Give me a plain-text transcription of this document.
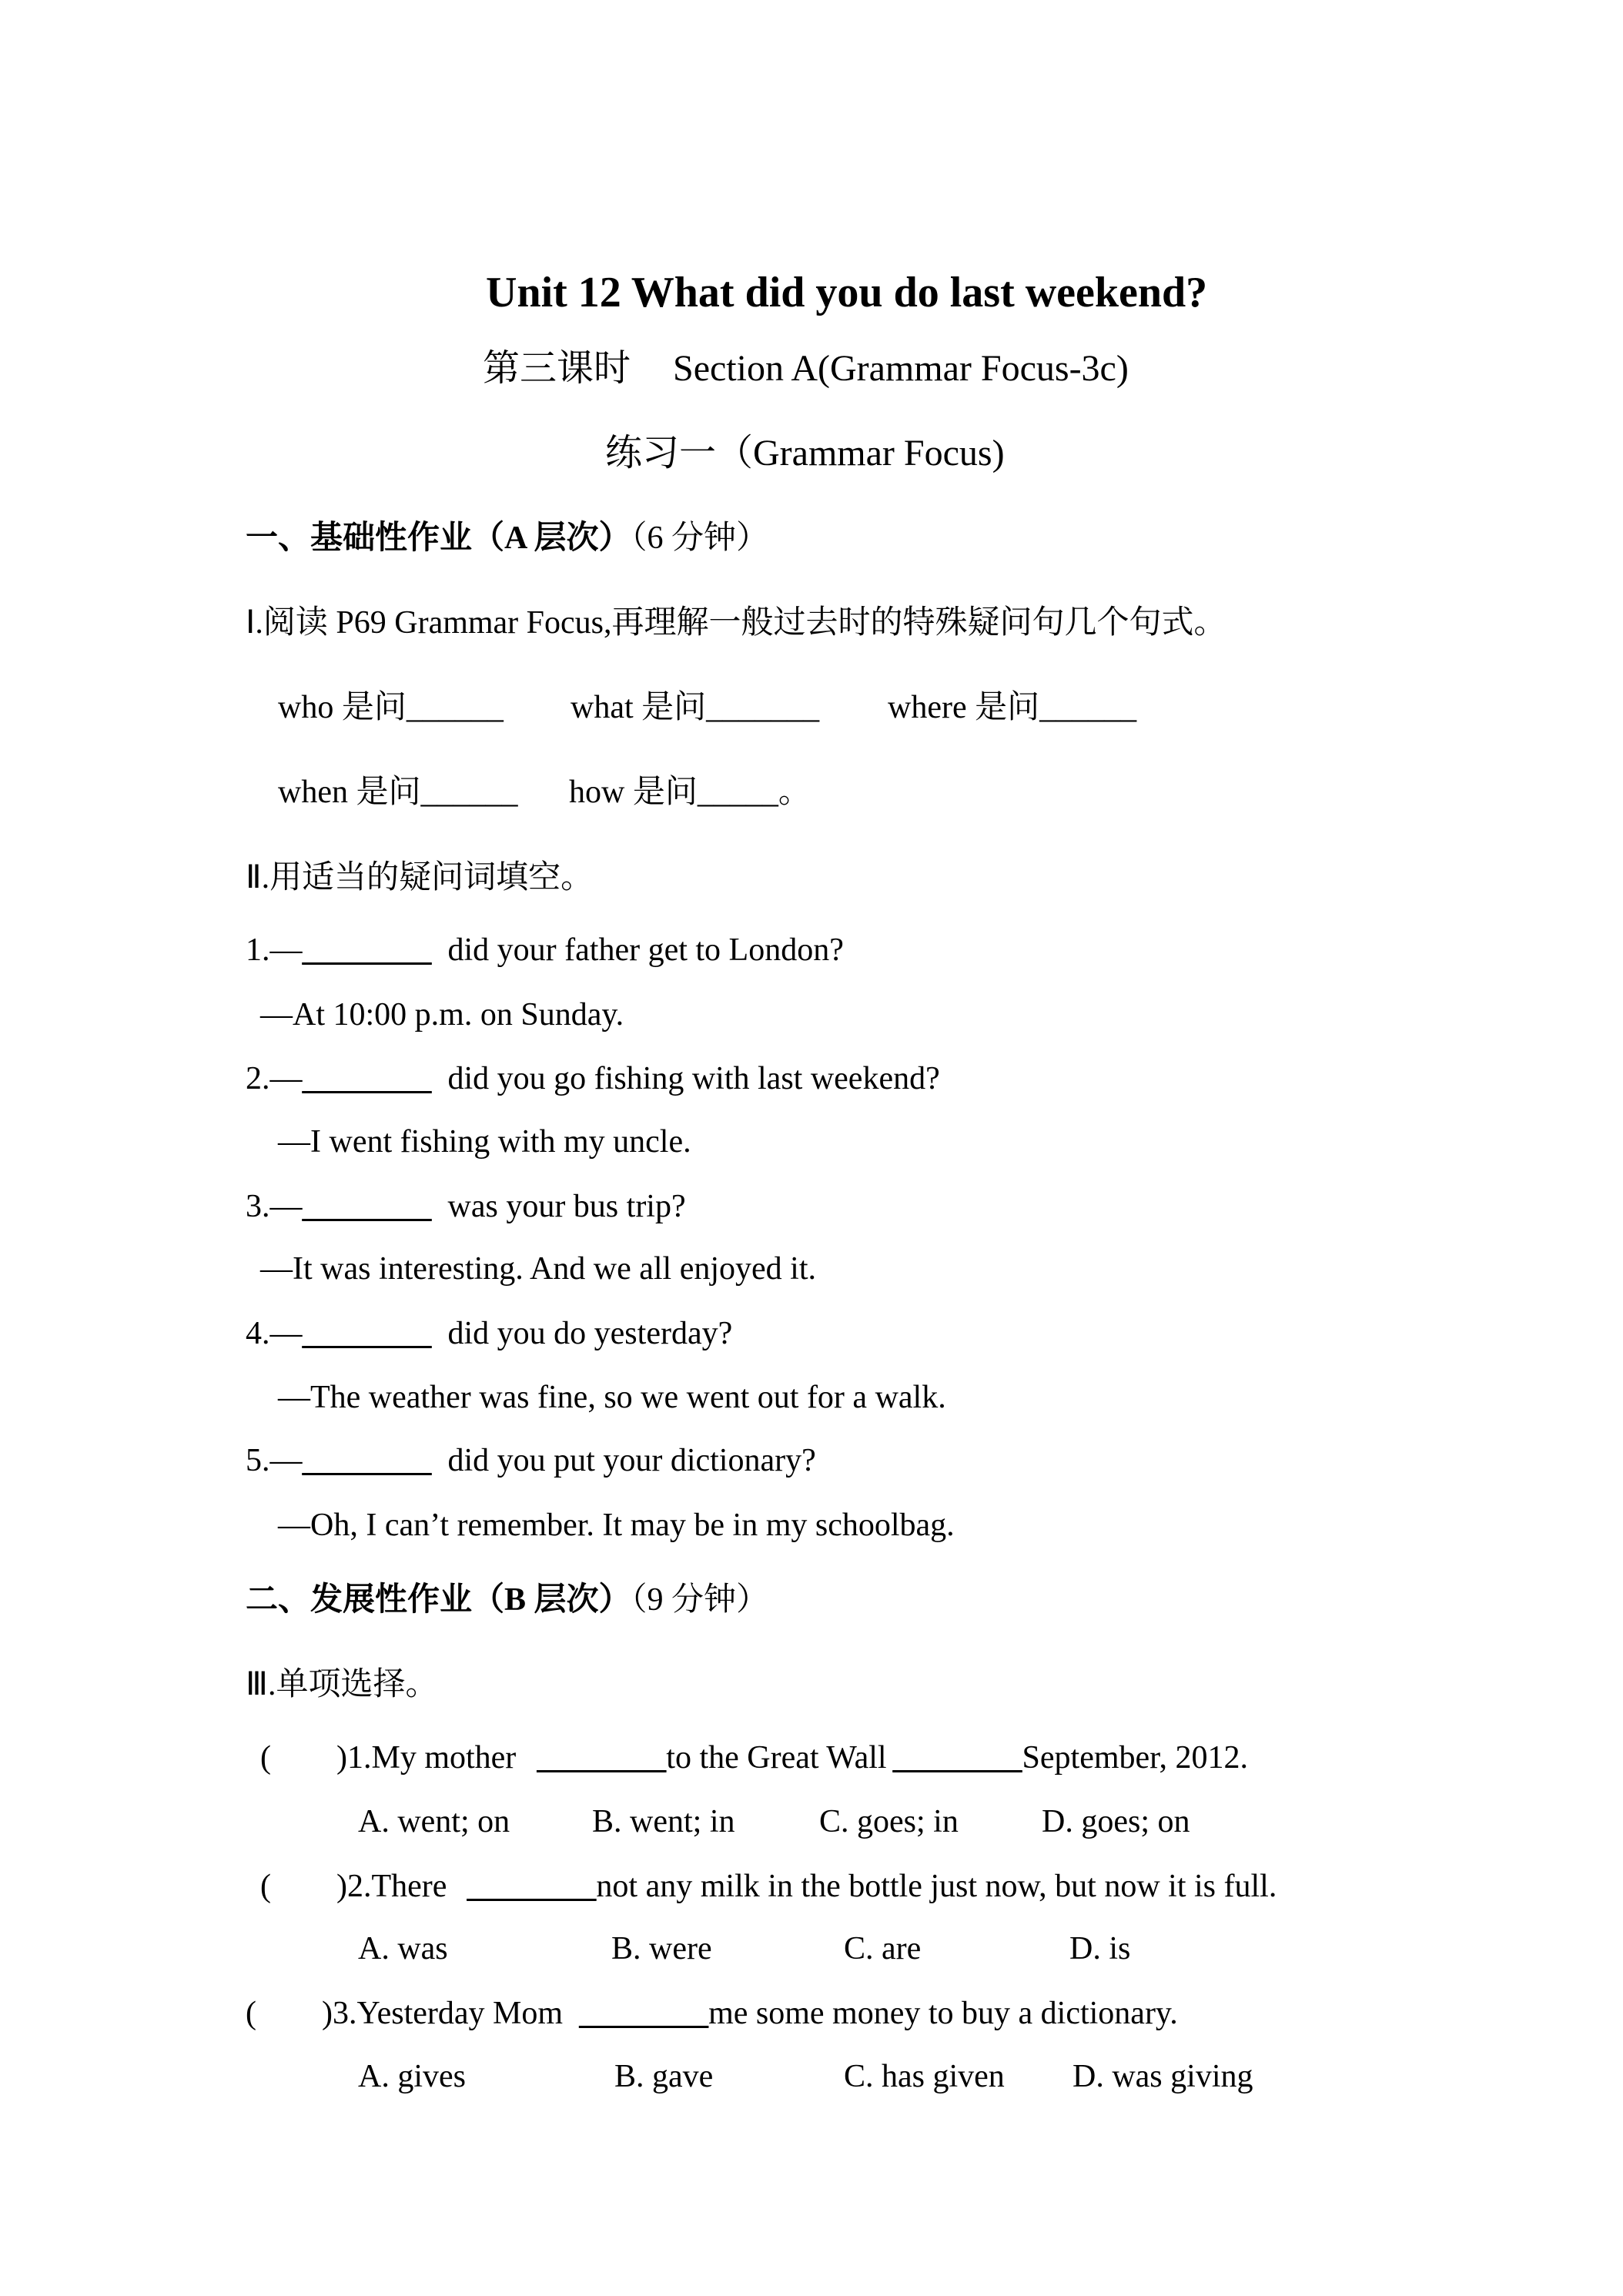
Unit 12 What did you do last weekend?
第三课时 Section A(Grammar Focus-3c)
练习一（Grammar Focus)
一、基础性作业（A 层次）（6 分钟）
Ⅰ.阅读 P69 Grammar Focus,再理解一般过去时的特殊疑问句几个句式。
who 是问______ what 是问_______ where 是问______
when 是问______ how 是问_____。
Ⅱ.用适当的疑问词填空。
1.—________ did your father get to London?
—At 10:00 p.m. on Sunday.
2.—________ did you go fishing with last weekend?
—I went fishing with my uncle.
3.—________ was your bus trip?
—It was interesting. And we all enjoyed it.
4.—________ did you do yesterday?
—The weather was fine, so we went out for a walk.
5.—________ did you put your dictionary?
—Oh, I can’t remember. It may be in my schoolbag.
二、发展性作业（B 层次）（9 分钟）
Ⅲ.单项选择。
( )1.My mother ________to the Great Wall ________September, 2012.
A. went; on	B. went; in	C. goes; in	D. goes; on
( )2.There ________not any milk in the bottle just now, but now it is full.
A. was	B. were	C. are	D. is
( )3.Yesterday Mom ________me some money to buy a dictionary.
A. gives	B. gave	C. has given D. was giving
